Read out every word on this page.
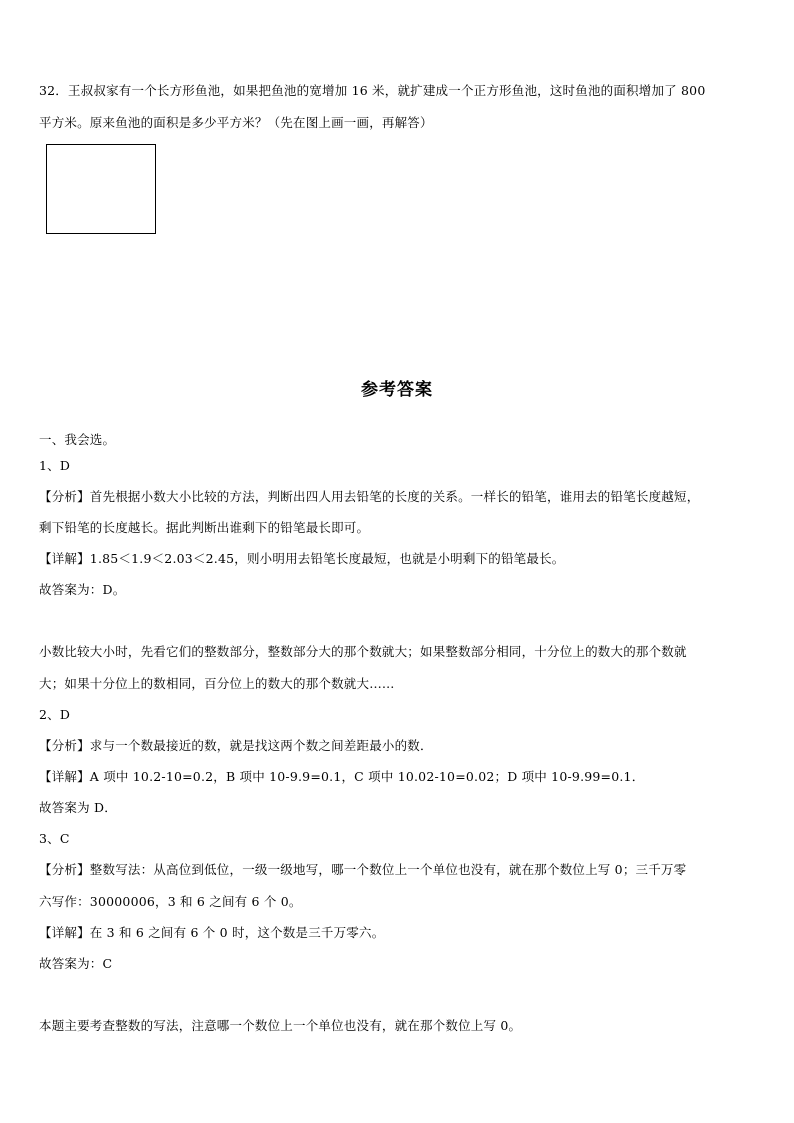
32．王叔叔家有一个长方形鱼池，如果把鱼池的宽增加 16 米，就扩建成一个正方形鱼池，这时鱼池的面积增加了 800
平方米。原来鱼池的面积是多少平方米？（先在图上画一画，再解答）
参考答案
一、我会选。
1、D
【分析】首先根据小数大小比较的方法，判断出四人用去铅笔的长度的关系。一样长的铅笔，谁用去的铅笔长度越短，
剩下铅笔的长度越长。据此判断出谁剩下的铅笔最长即可。
【详解】1.85＜1.9＜2.03＜2.45，则小明用去铅笔长度最短，也就是小明剩下的铅笔最长。
故答案为：D。
小数比较大小时，先看它们的整数部分，整数部分大的那个数就大；如果整数部分相同，十分位上的数大的那个数就
大；如果十分位上的数相同，百分位上的数大的那个数就大……
2、D
【分析】求与一个数最接近的数，就是找这两个数之间差距最小的数．
【详解】A 项中 10.2-10=0.2，B 项中 10-9.9=0.1，C 项中 10.02-10=0.02；D 项中 10-9.99=0.1．
故答案为 D．
3、C
【分析】整数写法：从高位到低位，一级一级地写，哪一个数位上一个单位也没有，就在那个数位上写 0；三千万零
六写作：30000006，3 和 6 之间有 6 个 0。
【详解】在 3 和 6 之间有 6 个 0 时，这个数是三千万零六。
故答案为：C
本题主要考查整数的写法，注意哪一个数位上一个单位也没有，就在那个数位上写 0。
